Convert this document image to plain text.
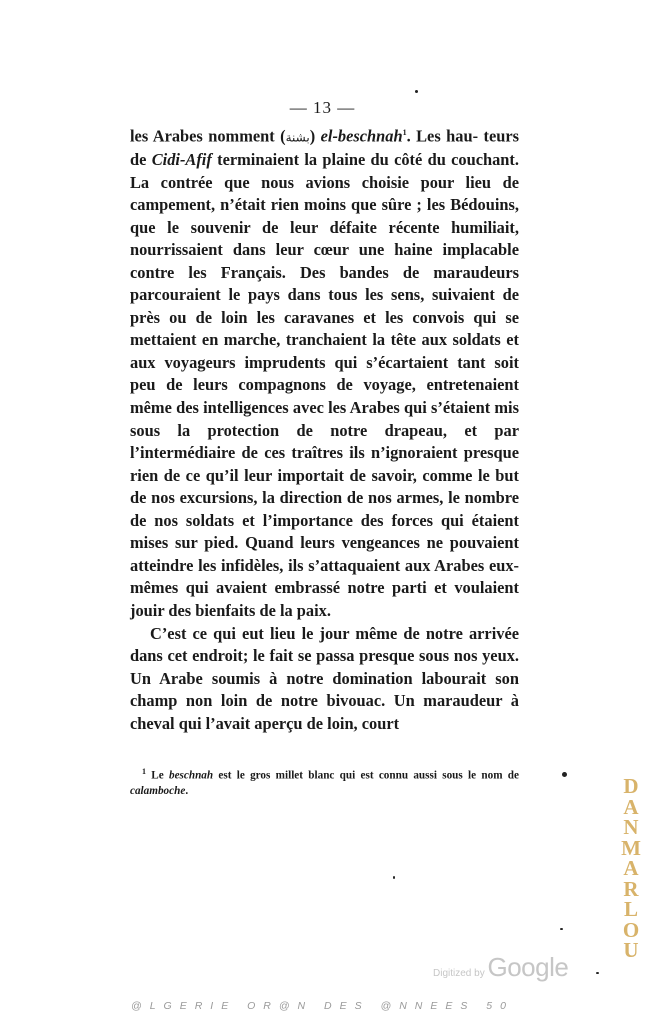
— 13 —

les Arabes nomment (بشنة) el-beschnah$^1$. Les hau- teurs de Cidi-Afif terminaient la plaine du côté du couchant. La contrée que nous avions choisie pour lieu de campement, n’était rien moins que sûre ; les Bédouins, que le souvenir de leur défaite récente humiliait, nourrissaient dans leur cœur une haine implacable contre les Français. Des bandes de maraudeurs parcouraient le pays dans tous les sens, suivaient de près ou de loin les caravanes et les convois qui se mettaient en marche, tranchaient la tête aux soldats et aux voyageurs imprudents qui s’écartaient tant soit peu de leurs compagnons de voyage, entretenaient même des intelligences avec les Arabes qui s’étaient mis sous la protection de notre drapeau, et par l’intermédiaire de ces traîtres ils n’ignoraient presque rien de ce qu’il leur importait de savoir, comme le but de nos excursions, la direction de nos armes, le nombre de nos soldats et l’importance des forces qui étaient mises sur pied. Quand leurs vengeances ne pouvaient atteindre les infidèles, ils s’attaquaient aux Arabes eux-mêmes qui avaient embrassé notre parti et voulaient jouir des bienfaits de la paix.

C’est ce qui eut lieu le jour même de notre arrivée dans cet endroit; le fait se passa presque sous nos yeux. Un Arabe soumis à notre domination labourait son champ non loin de notre bivouac. Un maraudeur à cheval qui l’avait aperçu de loin, court

$^1$ Le beschnah est le gros millet blanc qui est connu aussi sous le nom de calamboche.
Digitized by Google
D
A
N
M
A
R
L
O
U
@LGERIE OR@N DES @NNEES 50
